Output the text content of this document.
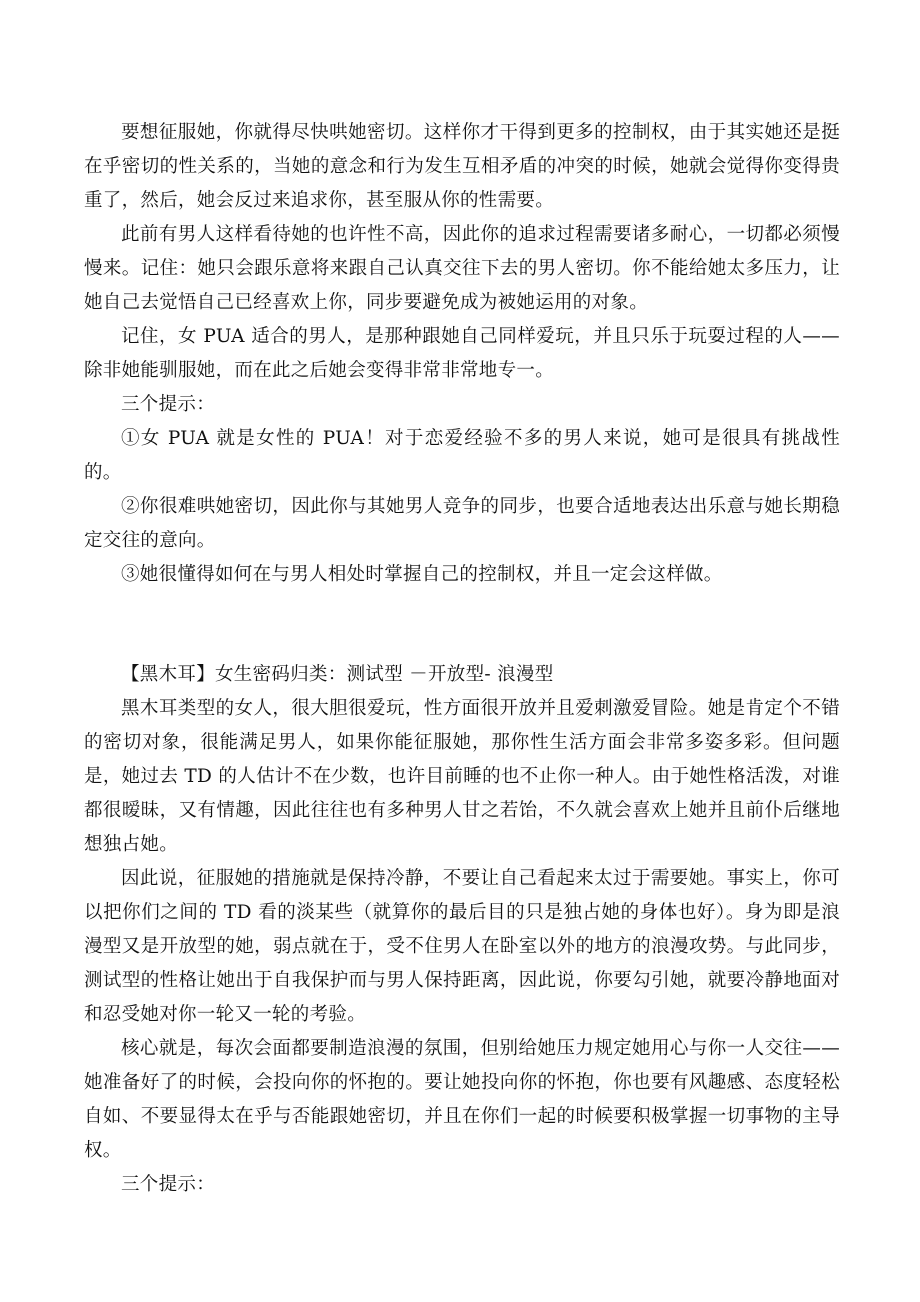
要想征服她，你就得尽快哄她密切。这样你才干得到更多的控制权，由于其实她还是挺在乎密切的性关系的，当她的意念和行为发生互相矛盾的冲突的时候，她就会觉得你变得贵重了，然后，她会反过来追求你，甚至服从你的性需要。

此前有男人这样看待她的也许性不高，因此你的追求过程需要诸多耐心，一切都必须慢慢来。记住：她只会跟乐意将来跟自己认真交往下去的男人密切。你不能给她太多压力，让她自己去觉悟自己已经喜欢上你，同步要避免成为被她运用的对象。

记住，女 PUA 适合的男人，是那种跟她自己同样爱玩，并且只乐于玩耍过程的人——除非她能驯服她，而在此之后她会变得非常非常地专一。

三个提示：

①女 PUA 就是女性的 PUA！对于恋爱经验不多的男人来说，她可是很具有挑战性的。

②你很难哄她密切，因此你与其她男人竞争的同步，也要合适地表达出乐意与她长期稳定交往的意向。

③她很懂得如何在与男人相处时掌握自己的控制权，并且一定会这样做。

【黑木耳】女生密码归类：测试型 －开放型- 浪漫型

黑木耳类型的女人，很大胆很爱玩，性方面很开放并且爱刺激爱冒险。她是肯定个不错的密切对象，很能满足男人，如果你能征服她，那你性生活方面会非常多姿多彩。但问题是，她过去 TD 的人估计不在少数，也许目前睡的也不止你一种人。由于她性格活泼，对谁都很暧昧，又有情趣，因此往往也有多种男人甘之若饴，不久就会喜欢上她并且前仆后继地想独占她。

因此说，征服她的措施就是保持冷静，不要让自己看起来太过于需要她。事实上，你可以把你们之间的 TD 看的淡某些（就算你的最后目的只是独占她的身体也好）。身为即是浪漫型又是开放型的她，弱点就在于，受不住男人在卧室以外的地方的浪漫攻势。与此同步，测试型的性格让她出于自我保护而与男人保持距离，因此说，你要勾引她，就要冷静地面对和忍受她对你一轮又一轮的考验。

核心就是，每次会面都要制造浪漫的氛围，但别给她压力规定她用心与你一人交往——她准备好了的时候，会投向你的怀抱的。要让她投向你的怀抱，你也要有风趣感、态度轻松自如、不要显得太在乎与否能跟她密切，并且在你们一起的时候要积极掌握一切事物的主导权。

三个提示：
